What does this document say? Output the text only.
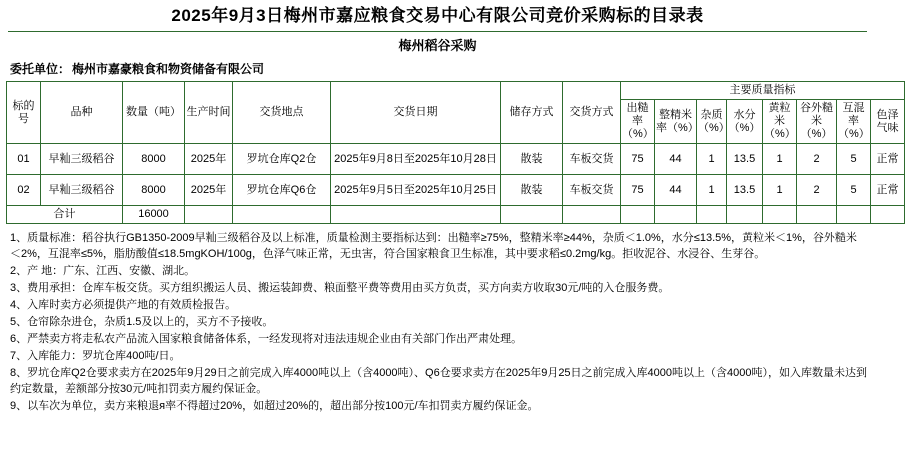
2025年9月3日梅州市嘉应粮食交易中心有限公司竞价采购标的目录表
梅州稻谷采购
委托单位： 梅州市嘉豪粮食和物资储备有限公司
标的号	品种	数量（吨）	生产时间	交货地点	交货日期	储存方式	交货方式	主要质量指标							
								出糙率（%）	整精米率（%）	杂质（%）	水分（%）	黄粒米（%）	谷外糙米（%）	互混率（%）	色泽气味
01	早籼三级稻谷	8000	2025年	罗坑仓库Q2仓	2025年9月8日至2025年10月28日	散装	车板交货	75	44	1	13.5	1	2	5	正常
02	早籼三级稻谷	8000	2025年	罗坑仓库Q6仓	2025年9月5日至2025年10月25日	散装	车板交货	75	44	1	13.5	1	2	5	正常
合计		16000													

1、质量标准：稻谷执行GB1350-2009早籼三级稻谷及以上标准，质量检测主要指标达到：出糙率≥75%，整精米率≥44%，杂质＜1.0%，水分≤13.5%，黄粒米＜1%，谷外糙米＜2%，互混率≤5%，脂肪酸值≤18.5mgKOH/100g，色泽气味正常，无虫害，符合国家粮食卫生标准，其中要求稻≤0.2mg/kg。拒收泥谷、水浸谷、生芽谷。

2、产 地：广东、江西、安徽、湖北。

3、费用承担：仓库车板交货。买方组织搬运人员、搬运装卸费、粮面整平费等费用由买方负责，买方向卖方收取30元/吨的入仓服务费。

4、入库时卖方必须提供产地的有效质检报告。

5、仓帘除杂进仓，杂质1.5及以上的，买方不予接收。

6、严禁卖方将走私农产品流入国家粮食储备体系，一经发现将对违法违规企业由有关部门作出严肃处理。

7、入库能力：罗坑仓库400吨/日。

8、罗坑仓库Q2仓要求卖方在2025年9月29日之前完成入库4000吨以上（含4000吨）、Q6仓要求卖方在2025年9月25日之前完成入库4000吨以上（含4000吨），如入库数量未达到约定数量，差额部分按30元/吨扣罚卖方履约保证金。

9、以车次为单位，卖方来粮退я率不得超过20%，如超过20%的，超出部分按100元/车扣罚卖方履约保证金。
